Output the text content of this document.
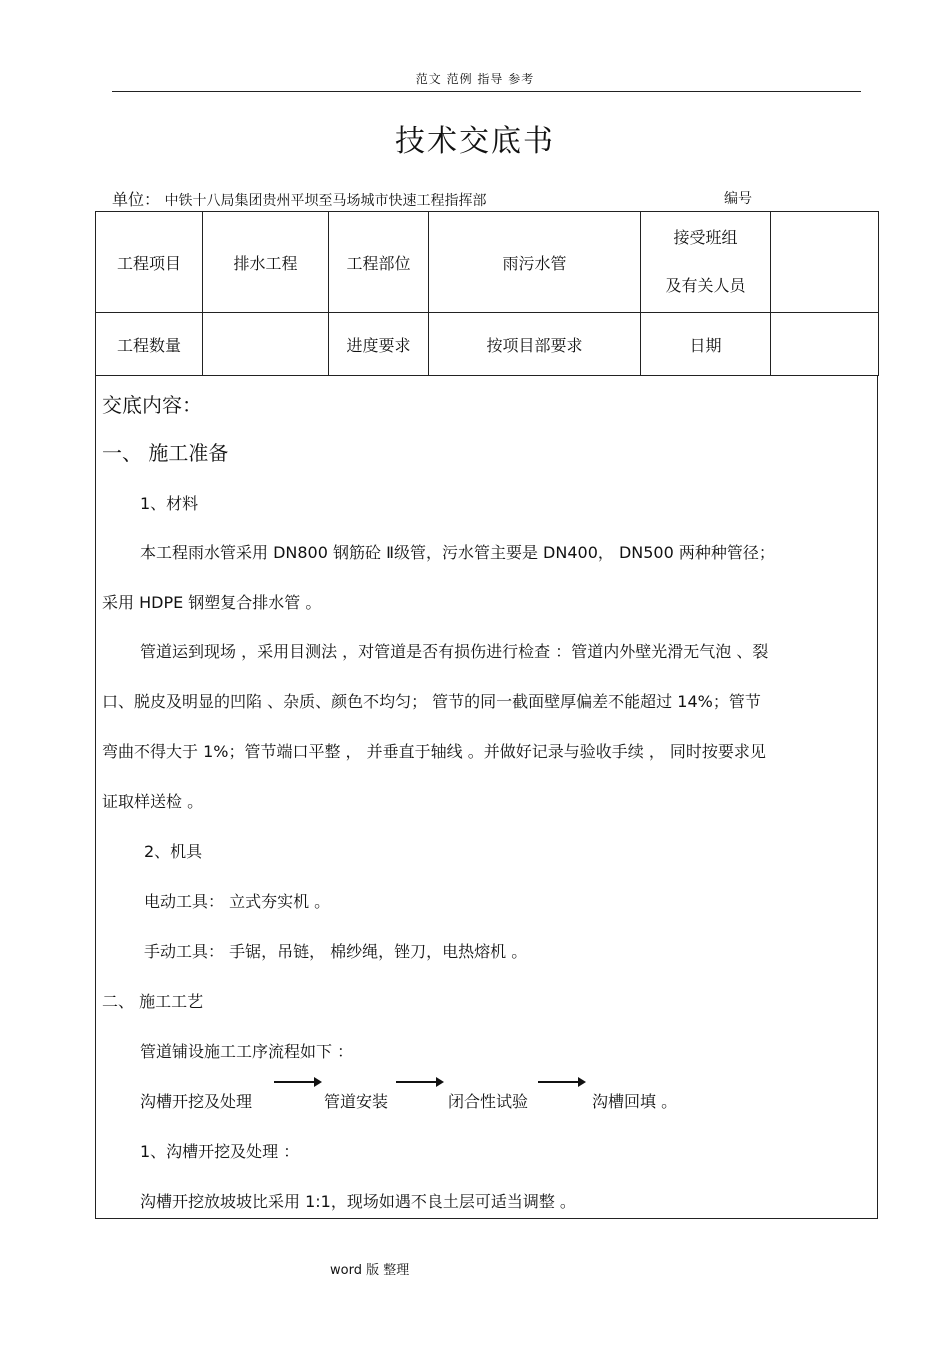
范文 范例 指导 参考
技术交底书
单位： 中铁十八局集团贵州平坝至马场城市快速工程指挥部	编号
工程项目	排水工程	工程部位	雨污水管	接受班组
及有关人员	

工程数量		进度要求	按项目部要求	日期	
交底内容：
一、 施工准备
1、材料
本工程雨水管采用 DN800 钢筋砼 Ⅱ级管，污水管主要是 DN400， DN500 两种种管径；
采用 HDPE 钢塑复合排水管 。
管道运到现场 ，采用目测法 ，对管道是否有损伤进行检查 ：管道内外壁光滑无气泡 、裂
口、脱皮及明显的凹陷 、杂质、颜色不均匀； 管节的同一截面壁厚偏差不能超过 14%；管节
弯曲不得大于 1%；管节端口平整 ， 并垂直于轴线 。并做好记录与验收手续 ， 同时按要求见
证取样送检 。
2、机具
电动工具： 立式夯实机 。
手动工具： 手锯，吊链， 棉纱绳，锉刀，电热熔机 。
二、 施工工艺
管道铺设施工工序流程如下 ：
沟槽开挖及处理	管道安装	闭合性试验	沟槽回填 。
1、沟槽开挖及处理 ：
沟槽开挖放坡坡比采用 1:1，现场如遇不良土层可适当调整 。
word 版 整理
